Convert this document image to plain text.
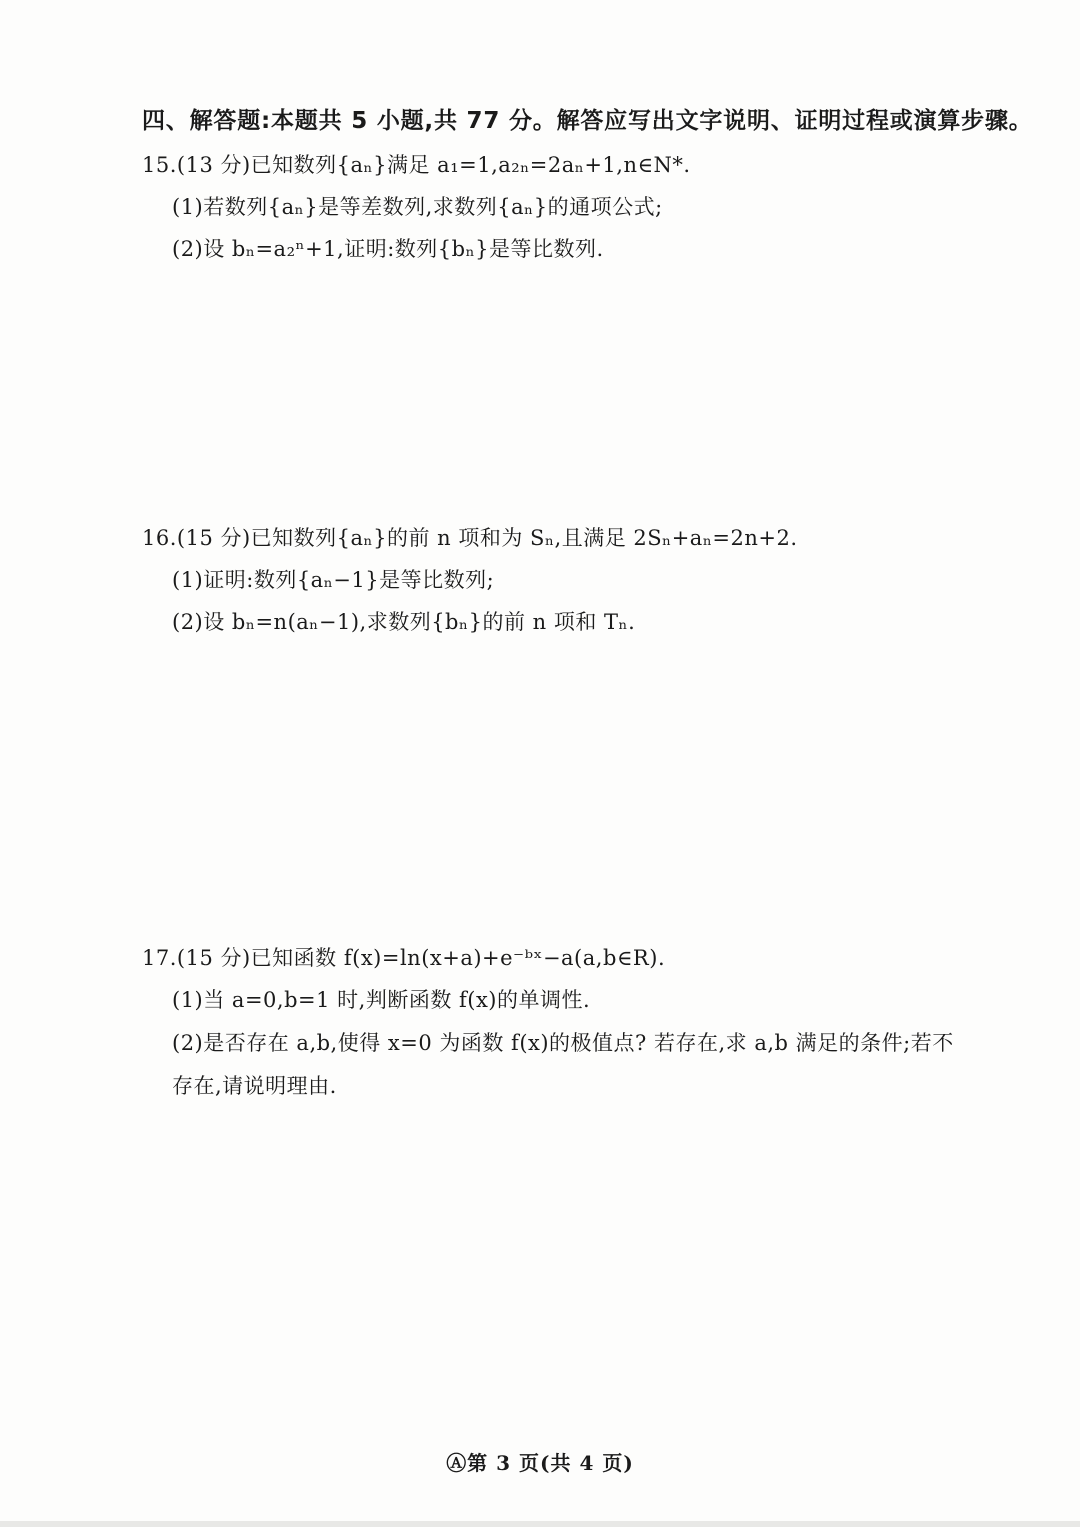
四、解答题:本题共 5 小题,共 77 分。解答应写出文字说明、证明过程或演算步骤。
15.(13 分)已知数列{aₙ}满足 a₁=1,a₂ₙ=2aₙ+1,n∈N*.
(1)若数列{aₙ}是等差数列,求数列{aₙ}的通项公式;
(2)设 bₙ=a₂ⁿ+1,证明:数列{bₙ}是等比数列.
16.(15 分)已知数列{aₙ}的前 n 项和为 Sₙ,且满足 2Sₙ+aₙ=2n+2.
(1)证明:数列{aₙ−1}是等比数列;
(2)设 bₙ=n(aₙ−1),求数列{bₙ}的前 n 项和 Tₙ.
17.(15 分)已知函数 f(x)=ln(x+a)+e⁻ᵇˣ−a(a,b∈R).
(1)当 a=0,b=1 时,判断函数 f(x)的单调性.
(2)是否存在 a,b,使得 x=0 为函数 f(x)的极值点? 若存在,求 a,b 满足的条件;若不
存在,请说明理由.
Ⓐ第 3 页(共 4 页)
